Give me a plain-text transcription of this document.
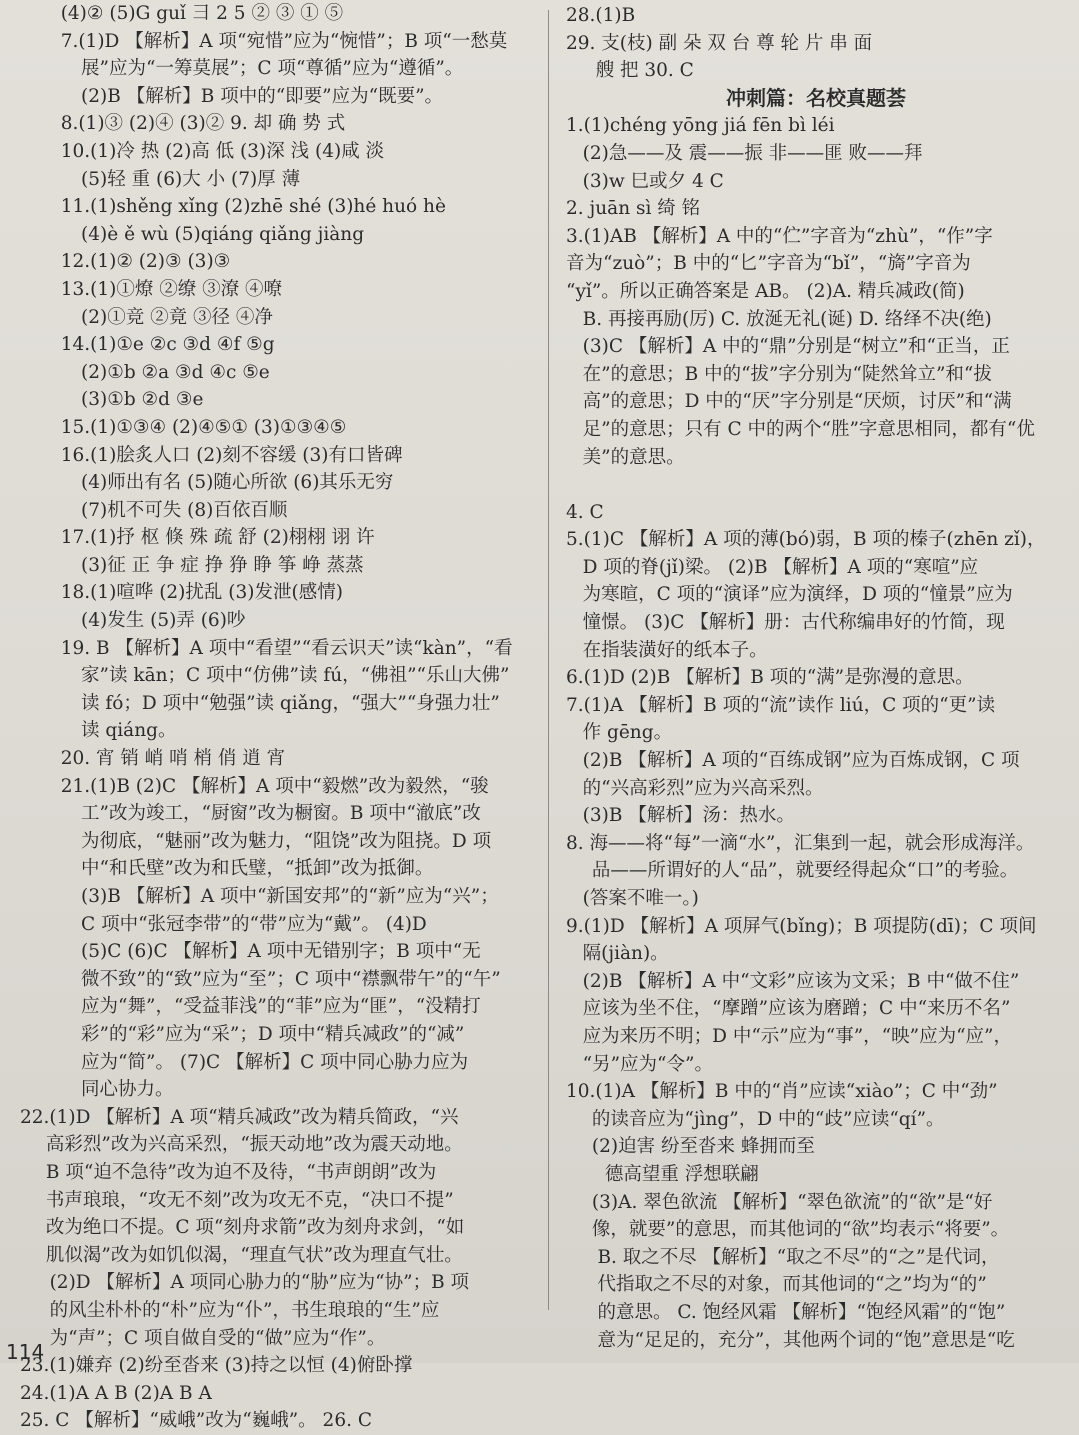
(4)② (5)G guǐ 彐 2 5 ② ③ ① ⑤
7.(1)D 【解析】A 项“宛惜”应为“惋惜”；B 项“一愁莫
展”应为“一筹莫展”；C 项“尊循”应为“遵循”。
(2)B 【解析】B 项中的“即要”应为“既要”。
8.(1)③ (2)④ (3)② 9. 却 确 势 式
10.(1)冷 热 (2)高 低 (3)深 浅 (4)咸 淡
(5)轻 重 (6)大 小 (7)厚 薄
11.(1)shěng xǐng (2)zhē shé (3)hé huó hè
(4)è ě wù (5)qiáng qiǎng jiàng
12.(1)② (2)③ (3)③
13.(1)①燎 ②缭 ③潦 ④嘹
(2)①竞 ②竟 ③径 ④净
14.(1)①e ②c ③d ④f ⑤g
(2)①b ②a ③d ④c ⑤e
(3)①b ②d ③e
15.(1)①③④ (2)④⑤① (3)①③④⑤
16.(1)脍炙人口 (2)刻不容缓 (3)有口皆碑
(4)师出有名 (5)随心所欲 (6)其乐无穷
(7)机不可失 (8)百依百顺
17.(1)抒 枢 倏 殊 疏 舒 (2)栩栩 诩 许
(3)征 正 争 症 挣 狰 睁 筝 峥 蒸蒸
18.(1)喧哗 (2)扰乱 (3)发泄(感情)
(4)发生 (5)弄 (6)吵
19. B 【解析】A 项中“看望”“看云识天”读“kàn”，“看
家”读 kān；C 项中“仿佛”读 fú，“佛祖”“乐山大佛”
读 fó；D 项中“勉强”读 qiǎng，“强大”“身强力壮”
读 qiáng。
20. 宵 销 峭 哨 梢 俏 逍 宵
21.(1)B (2)C 【解析】A 项中“毅燃”改为毅然，“骏
工”改为竣工，“厨窗”改为橱窗。B 项中“澈底”改
为彻底，“魅丽”改为魅力，“阻饶”改为阻挠。D 项
中“和氏壁”改为和氏璧，“抵卸”改为抵御。
(3)B 【解析】A 项中“新国安邦”的“新”应为“兴”；
C 项中“张冠李带”的“带”应为“戴”。 (4)D
(5)C (6)C 【解析】A 项中无错别字；B 项中“无
微不致”的“致”应为“至”；C 项中“襟飘带午”的“午”
应为“舞”，“受益菲浅”的“菲”应为“匪”，“没精打
彩”的“彩”应为“采”；D 项中“精兵减政”的“减”
应为“简”。 (7)C 【解析】C 项中同心胁力应为
同心协力。
22.(1)D 【解析】A 项“精兵减政”改为精兵简政，“兴
高彩烈”改为兴高采烈，“振天动地”改为震天动地。
B 项“迫不急待”改为迫不及待，“书声朗朗”改为
书声琅琅，“攻无不刻”改为攻无不克，“决口不提”
改为绝口不提。C 项“刻舟求箭”改为刻舟求剑，“如
肌似渴”改为如饥似渴，“理直气状”改为理直气壮。
(2)D 【解析】A 项同心胁力的“胁”应为“协”；B 项
的风尘朴朴的“朴”应为“仆”，书生琅琅的“生”应
为“声”；C 项自做自受的“做”应为“作”。
23.(1)嫌弃 (2)纷至沓来 (3)持之以恒 (4)俯卧撑
24.(1)A A B (2)A B A
25. C 【解析】“威峨”改为“巍峨”。 26. C
28.(1)B
29. 支(枝) 副 朵 双 台 尊 轮 片 串 面
艘 把 30. C
冲刺篇：名校真题荟
1.(1)chéng yōng jiá fēn bì léi
(2)急——及 震——振 非——匪 败——拜
(3)w 巳或夕 4 C
2. juān sì 绮 铭
3.(1)AB 【解析】A 中的“伫”字音为“zhù”，“作”字
音为“zuò”；B 中的“匕”字音为“bǐ”，“旖”字音为
“yǐ”。所以正确答案是 AB。 (2)A. 精兵减政(简)
B. 再接再励(厉) C. 放涎无礼(诞) D. 络绎不决(绝)
(3)C 【解析】A 中的“鼎”分别是“树立”和“正当，正
在”的意思；B 中的“拔”字分别为“陡然耸立”和“拔
高”的意思；D 中的“厌”字分别是“厌烦，讨厌”和“满
足”的意思；只有 C 中的两个“胜”字意思相同，都有“优
美”的意思。

4. C
5.(1)C 【解析】A 项的薄(bó)弱，B 项的榛子(zhēn zǐ)，
D 项的脊(jǐ)梁。 (2)B 【解析】A 项的“寒喧”应
为寒暄，C 项的“演译”应为演绎，D 项的“憧景”应为
憧憬。 (3)C 【解析】册：古代称编串好的竹简，现
在指装潢好的纸本子。
6.(1)D (2)B 【解析】B 项的“满”是弥漫的意思。
7.(1)A 【解析】B 项的“流”读作 liú，C 项的“更”读
作 gēng。
(2)B 【解析】A 项的“百练成钢”应为百炼成钢，C 项
的“兴高彩烈”应为兴高采烈。
(3)B 【解析】汤：热水。
8. 海——将“每”一滴“水”，汇集到一起，就会形成海洋。
品——所谓好的人“品”，就要经得起众“口”的考验。
(答案不唯一。)
9.(1)D 【解析】A 项屏气(bǐng)；B 项提防(dī)；C 项间
隔(jiàn)。
(2)B 【解析】A 中“文彩”应该为文采；B 中“做不住”
应该为坐不住，“摩蹭”应该为磨蹭；C 中“来历不名”
应为来历不明；D 中“示”应为“事”，“映”应为“应”，
“另”应为“令”。
10.(1)A 【解析】B 中的“肖”应读“xiào”；C 中“劲”
的读音应为“jìng”，D 中的“歧”应读“qí”。
(2)迫害 纷至沓来 蜂拥而至
德高望重 浮想联翩
(3)A. 翠色欲流 【解析】“翠色欲流”的“欲”是“好
像，就要”的意思，而其他词的“欲”均表示“将要”。
B. 取之不尽 【解析】“取之不尽”的“之”是代词，
代指取之不尽的对象，而其他词的“之”均为“的”
的意思。 C. 饱经风霜 【解析】“饱经风霜”的“饱”
意为“足足的，充分”，其他两个词的“饱”意思是“吃
114
